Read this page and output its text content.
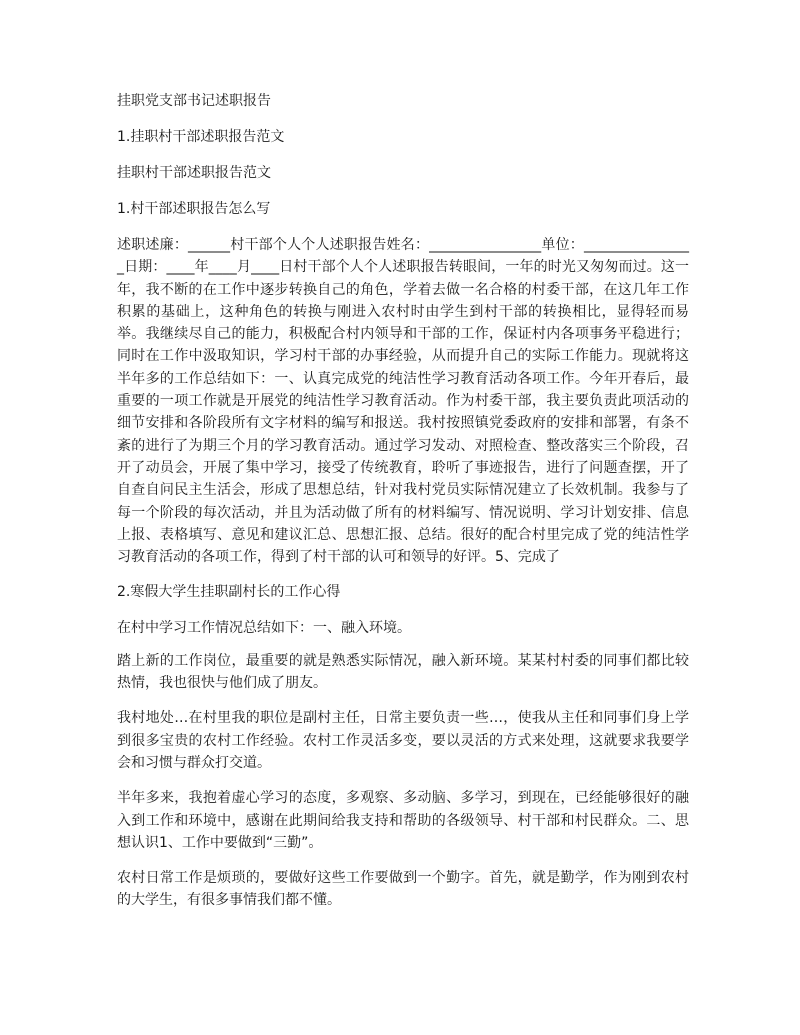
挂职党支部书记述职报告
1.挂职村干部述职报告范文
挂职村干部述职报告范文
1.村干部述职报告怎么写

述职述廉：______村干部个人个人述职报告姓名：________________单位：________________日期：____年____月____日村干部个人个人述职报告转眼间，一年的时光又匆匆而过。这一年，我不断的在工作中逐步转换自己的角色，学着去做一名合格的村委干部，在这几年工作积累的基础上，这种角色的转换与刚进入农村时由学生到村干部的转换相比，显得轻而易举。我继续尽自己的能力，积极配合村内领导和干部的工作，保证村内各项事务平稳进行；同时在工作中汲取知识，学习村干部的办事经验，从而提升自己的实际工作能力。现就将这半年多的工作总结如下：一、认真完成党的纯洁性学习教育活动各项工作。今年开春后，最重要的一项工作就是开展党的纯洁性学习教育活动。作为村委干部，我主要负责此项活动的细节安排和各阶段所有文字材料的编写和报送。我村按照镇党委政府的安排和部署，有条不紊的进行了为期三个月的学习教育活动。通过学习发动、对照检查、整改落实三个阶段，召开了动员会，开展了集中学习，接受了传统教育，聆听了事迹报告，进行了问题查摆，开了自查自问民主生活会，形成了思想总结，针对我村党员实际情况建立了长效机制。我参与了每一个阶段的每次活动，并且为活动做了所有的材料编写、情况说明、学习计划安排、信息上报、表格填写、意见和建议汇总、思想汇报、总结。很好的配合村里完成了党的纯洁性学习教育活动的各项工作，得到了村干部的认可和领导的好评。5、完成了

2.寒假大学生挂职副村长的工作心得

在村中学习工作情况总结如下：一、融入环境。

踏上新的工作岗位，最重要的就是熟悉实际情况，融入新环境。某某村村委的同事们都比较热情，我也很快与他们成了朋友。

我村地处…在村里我的职位是副村主任，日常主要负责一些…，使我从主任和同事们身上学到很多宝贵的农村工作经验。农村工作灵活多变，要以灵活的方式来处理，这就要求我要学会和习惯与群众打交道。

半年多来，我抱着虚心学习的态度，多观察、多动脑、多学习，到现在，已经能够很好的融入到工作和环境中，感谢在此期间给我支持和帮助的各级领导、村干部和村民群众。二、思想认识1、工作中要做到“三勤”。

农村日常工作是烦琐的，要做好这些工作要做到一个勤字。首先，就是勤学，作为刚到农村的大学生，有很多事情我们都不懂。
